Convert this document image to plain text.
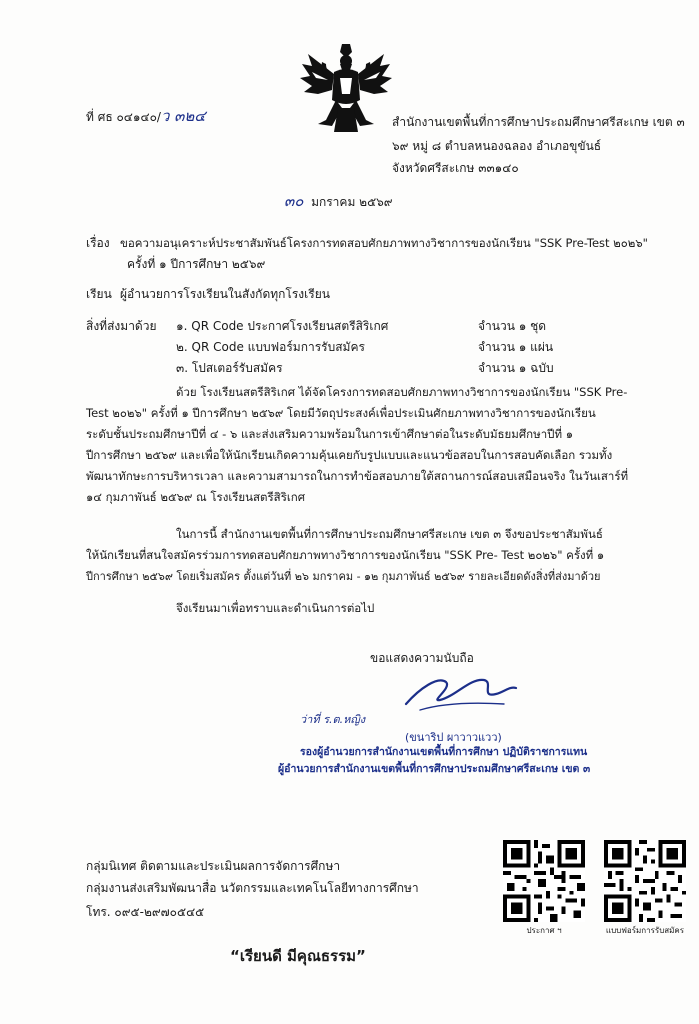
ที่ ศธ ๐๔๑๔๐/ว ๓๒๔	สำนักงานเขตพื้นที่การศึกษาประถมศึกษาศรีสะเกษ เขต ๓
๖๙ หมู่ ๘ ตำบลหนองฉลอง อำเภอขุขันธ์
จังหวัดศรีสะเกษ ๓๓๑๔๐
๓๐ มกราคม ๒๕๖๙
เรื่อง ขอความอนุเคราะห์ประชาสัมพันธ์โครงการทดสอบศักยภาพทางวิชาการของนักเรียน "SSK Pre-Test ๒๐๒๖"
ครั้งที่ ๑ ปีการศึกษา ๒๕๖๙
เรียน ผู้อำนวยการโรงเรียนในสังกัดทุกโรงเรียน
สิ่งที่ส่งมาด้วย ๑. QR Code ประกาศโรงเรียนสตรีสิริเกศ	จำนวน ๑ ชุด
๒. QR Code แบบฟอร์มการรับสมัคร	จำนวน ๑ แผ่น
๓. โปสเตอร์รับสมัคร	จำนวน ๑ ฉบับ
ด้วย โรงเรียนสตรีสิริเกศ ได้จัดโครงการทดสอบศักยภาพทางวิชาการของนักเรียน "SSK Pre-
Test ๒๐๒๖" ครั้งที่ ๑ ปีการศึกษา ๒๕๖๙ โดยมีวัตถุประสงค์เพื่อประเมินศักยภาพทางวิชาการของนักเรียน
ระดับชั้นประถมศึกษาปีที่ ๔ - ๖ และส่งเสริมความพร้อมในการเข้าศึกษาต่อในระดับมัธยมศึกษาปีที่ ๑
ปีการศึกษา ๒๕๖๙ และเพื่อให้นักเรียนเกิดความคุ้นเคยกับรูปแบบและแนวข้อสอบในการสอบคัดเลือก รวมทั้ง
พัฒนาทักษะการบริหารเวลา และความสามารถในการทำข้อสอบภายใต้สถานการณ์สอบเสมือนจริง ในวันเสาร์ที่
๑๔ กุมภาพันธ์ ๒๕๖๙ ณ โรงเรียนสตรีสิริเกศ
ในการนี้ สำนักงานเขตพื้นที่การศึกษาประถมศึกษาศรีสะเกษ เขต ๓ จึงขอประชาสัมพันธ์
ให้นักเรียนที่สนใจสมัครร่วมการทดสอบศักยภาพทางวิชาการของนักเรียน "SSK Pre- Test ๒๐๒๖" ครั้งที่ ๑
ปีการศึกษา ๒๕๖๙ โดยเริ่มสมัคร ตั้งแต่วันที่ ๒๖ มกราคม - ๑๒ กุมภาพันธ์ ๒๕๖๙ รายละเอียดดังสิ่งที่ส่งมาด้วย
จึงเรียนมาเพื่อทราบและดำเนินการต่อไป
ขอแสดงความนับถือ
ว่าที่ ร.ต.หญิง
(ขนาริป ผาวาวแวว)
รองผู้อำนวยการสำนักงานเขตพื้นที่การศึกษา ปฏิบัติราชการแทน
ผู้อำนวยการสำนักงานเขตพื้นที่การศึกษาประถมศึกษาศรีสะเกษ เขต ๓
กลุ่มนิเทศ ติดตามและประเมินผลการจัดการศึกษา
กลุ่มงานส่งเสริมพัฒนาสื่อ นวัตกรรมและเทคโนโลยีทางการศึกษา
โทร. ๐๙๕-๒๙๗๐๕๔๕
“เรียนดี มีคุณธรรม”
ประกาศ ฯ	แบบฟอร์มการรับสมัคร
